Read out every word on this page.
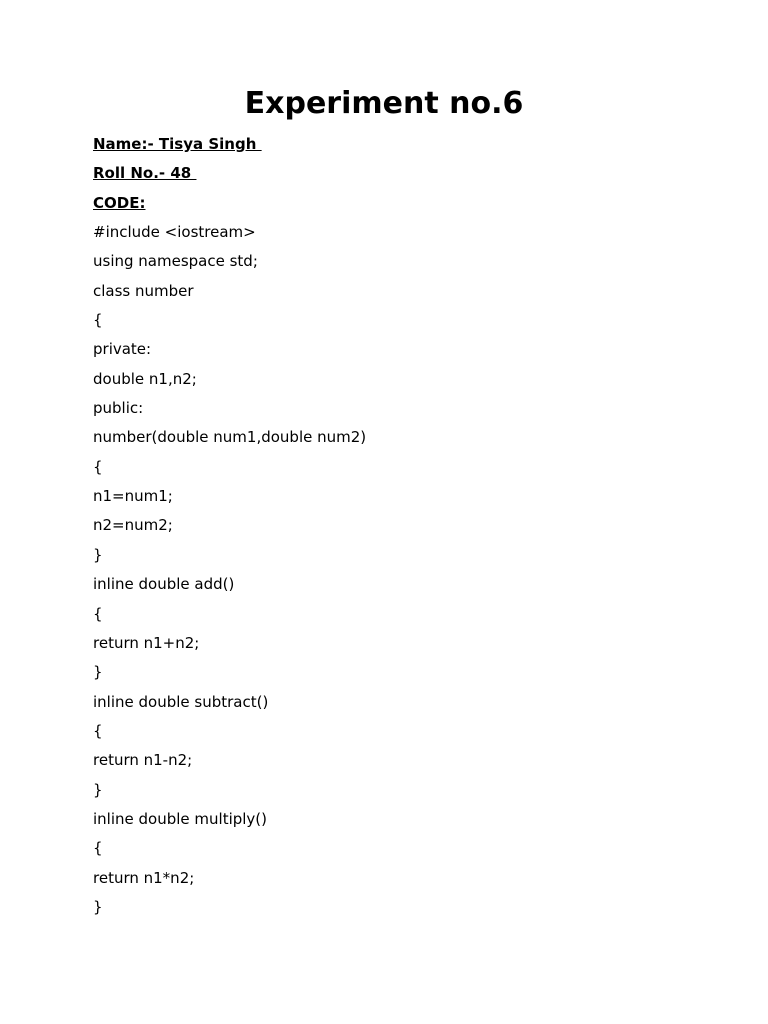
Experiment no.6
Name:- Tisya Singh
Roll No.- 48
CODE:
#include <iostream>
using namespace std;
class number
{
private:
double n1,n2;
public:
number(double num1,double num2)
{
n1=num1;
n2=num2;
}
inline double add()
{
return n1+n2;
}
inline double subtract()
{
return n1-n2;
}
inline double multiply()
{
return n1*n2;
}
